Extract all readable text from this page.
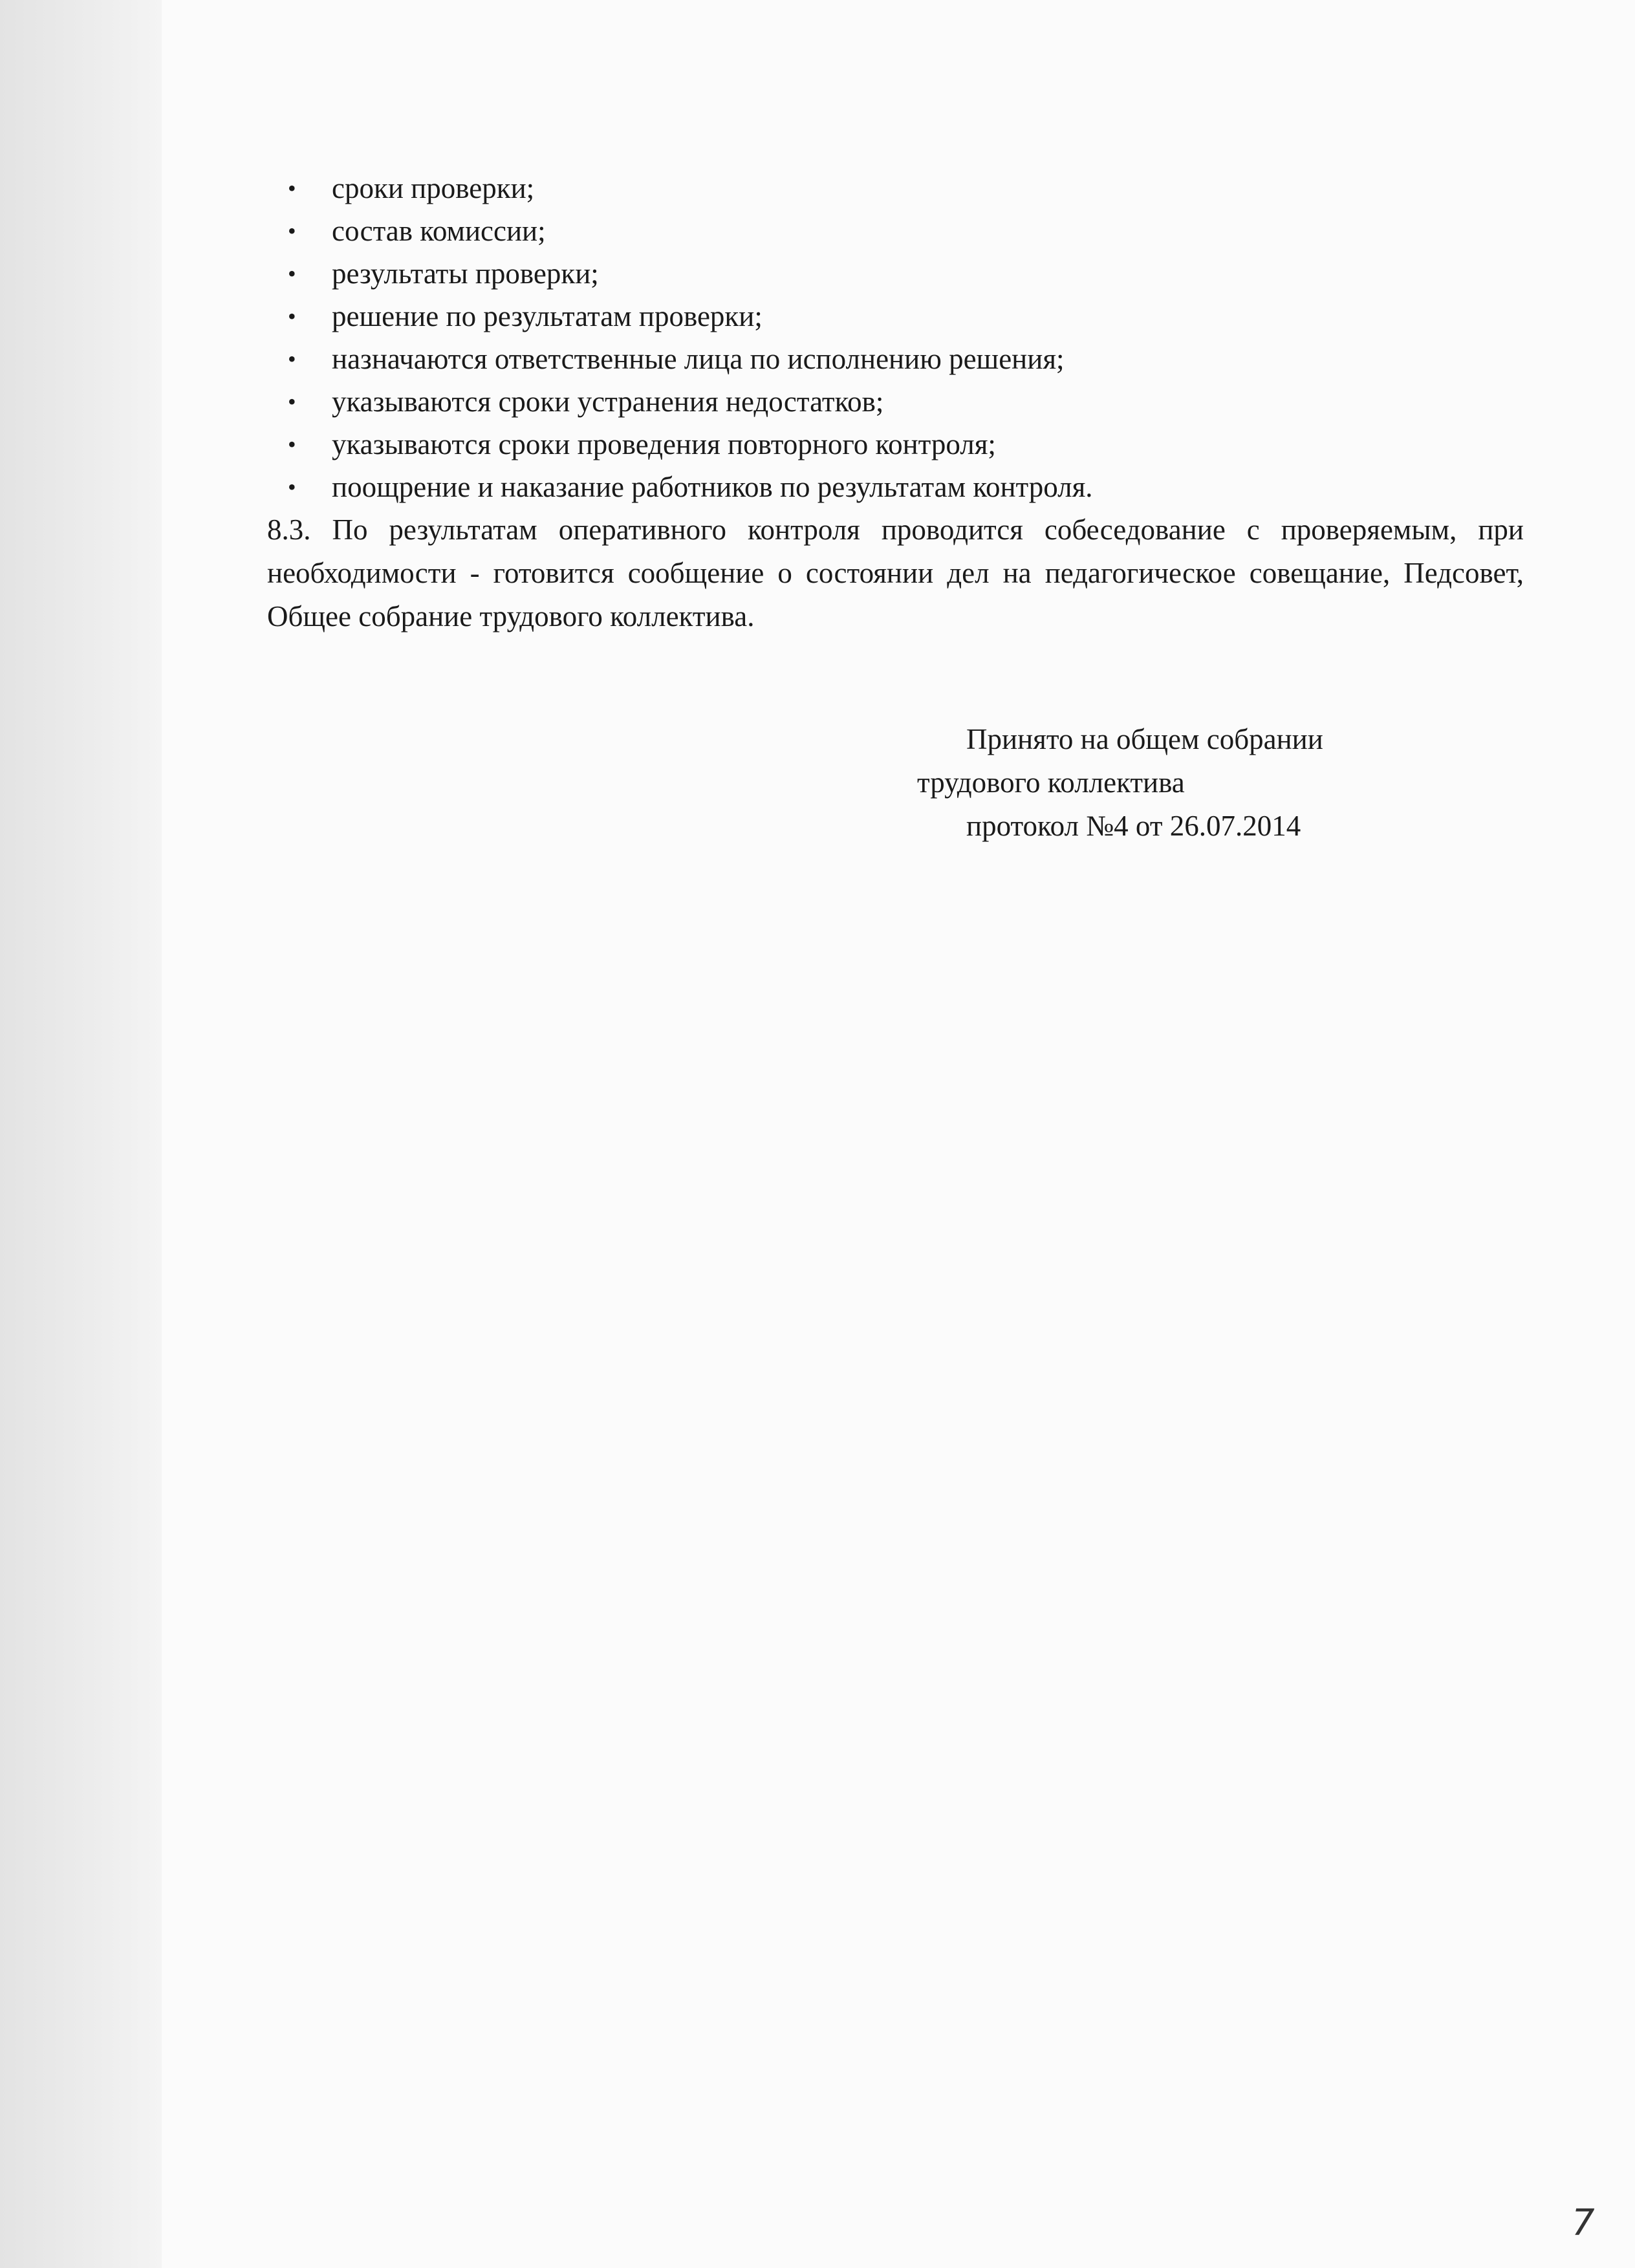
• сроки проверки;
• состав комиссии;
• результаты проверки;
• решение по результатам проверки;
• назначаются ответственные лица по исполнению решения;
• указываются сроки устранения недостатков;
• указываются сроки проведения повторного контроля;
• поощрение и наказание работников по результатам контроля.

8.3. По результатам оперативного контроля проводится собеседование с проверяемым, при необходимости - готовится сообщение о состоянии дел на педагогическое совещание, Педсовет, Общее собрание трудового коллектива.

Принято на общем собрании
трудового коллектива
протокол №4 от 26.07.2014
7
